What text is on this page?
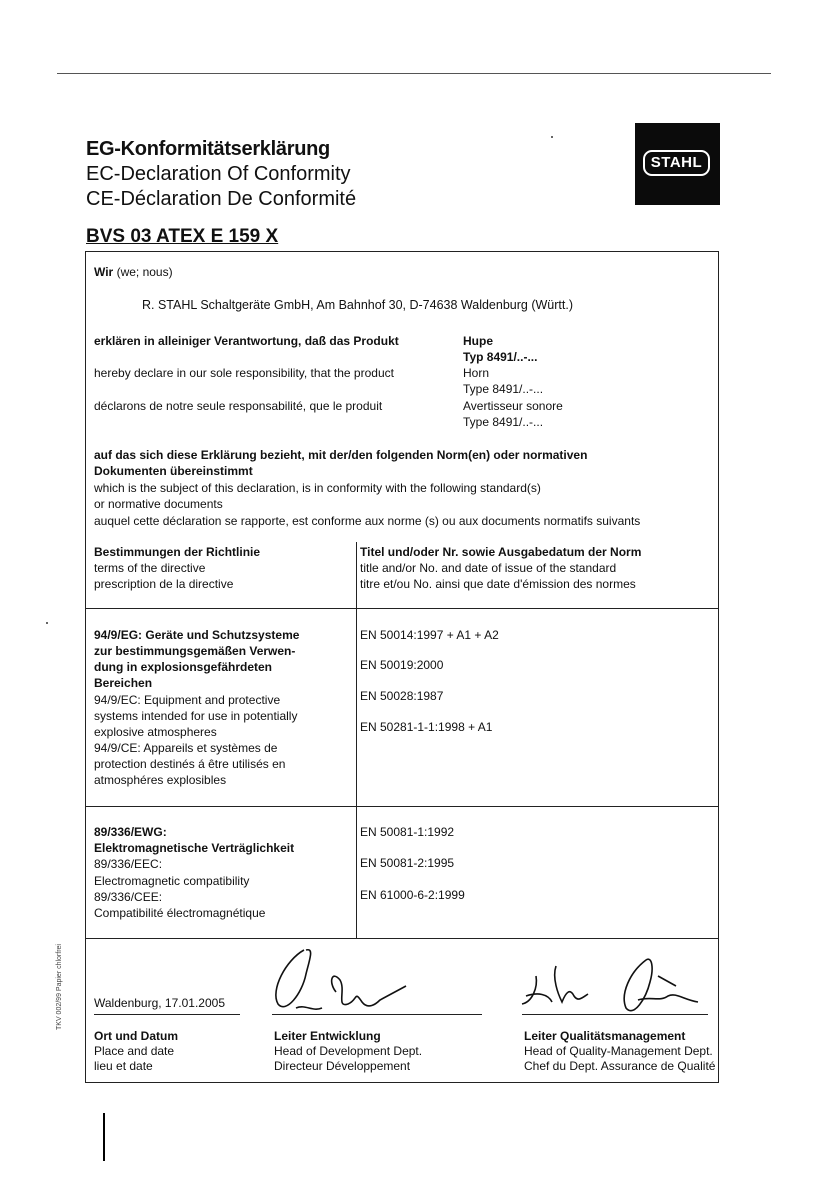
EG-Konformitätserklärung
EC-Declaration Of Conformity
CE-Déclaration De Conformité
STAHL
BVS 03 ATEX E 159 X
Wir (we; nous)
R. STAHL Schaltgeräte GmbH, Am Bahnhof 30, D-74638 Waldenburg (Württ.)
erklären in alleiniger Verantwortung, daß das Produkt
hereby declare in our sole responsibility, that the product
déclarons de notre seule responsabilité, que le produit
Hupe
Typ 8491/..-...
Horn
Type 8491/..-...
Avertisseur sonore
Type 8491/..-...
auf das sich diese Erklärung bezieht, mit der/den folgenden Norm(en) oder normativen
Dokumenten übereinstimmt
which is the subject of this declaration, is in conformity with the following standard(s)
or normative documents
auquel cette déclaration se rapporte, est conforme aux norme (s) ou aux documents normatifs suivants
Bestimmungen der Richtlinie
terms of the directive
prescription de la directive
Titel und/oder Nr. sowie Ausgabedatum der Norm
title and/or No. and date of issue of the standard
titre et/ou No. ainsi que date d'émission des normes
94/9/EG: Geräte und Schutzsysteme
zur bestimmungsgemäßen Verwen-
dung in explosionsgefährdeten
Bereichen
94/9/EC: Equipment and protective
systems intended for use in potentially
explosive atmospheres
94/9/CE: Appareils et systèmes de
protection destinés á être utilisés en
atmosphéres explosibles
EN 50014:1997 + A1 + A2
EN 50019:2000
EN 50028:1987
EN 50281-1-1:1998 + A1
89/336/EWG:
Elektromagnetische Verträglichkeit
89/336/EEC:
Electromagnetic compatibility
89/336/CEE:
Compatibilité électromagnétique
EN 50081-1:1992
EN 50081-2:1995
EN 61000-6-2:1999
Waldenburg, 17.01.2005
Ort und Datum
Place and date
lieu et date
Leiter Entwicklung
Head of Development Dept.
Directeur Développement
Leiter Qualitätsmanagement
Head of Quality-Management Dept.
Chef du Dept. Assurance de Qualité
TKV 002/99 Papier chlorfrei
